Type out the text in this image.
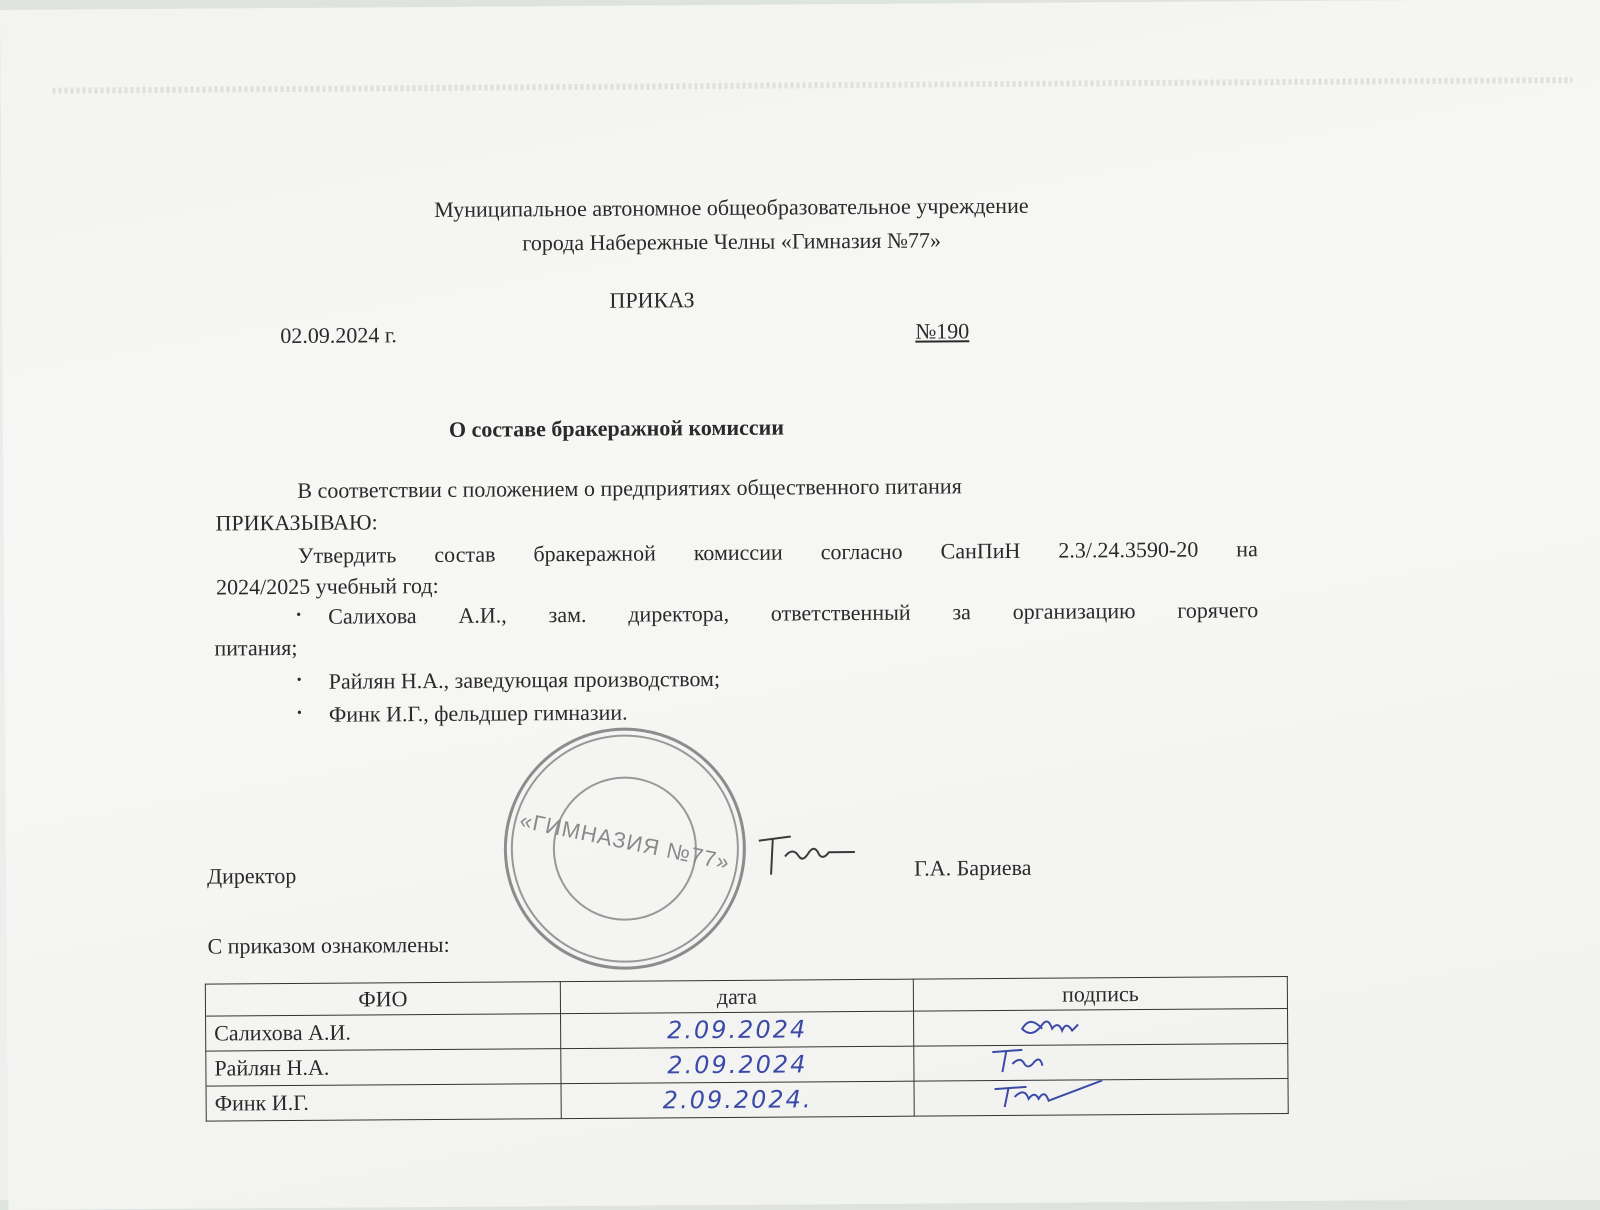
Муниципальное автономное общеобразовательное учреждение
города Набережные Челны «Гимназия №77»
ПРИКАЗ
02.09.2024 г.	№190
О составе бракеражной комиссии
В соответствии с положением о предприятиях общественного питания
ПРИКАЗЫВАЮ:
Утвердить состав бракеражной комиссии согласно СанПиН 2.3/.24.3590-20 на
2024/2025 учебный год:
• Салихова А.И., зам. директора, ответственный за организацию горячего
питания;
• Райлян Н.А., заведующая производством;
• Финк И.Г., фельдшер гимназии.
«ГИМНАЗИЯ №77»
Директор	Г.А. Бариева
С приказом ознакомлены:
ФИО	дата	подпись
Салихова А.И.	2.09.2024	
Райлян Н.А.	2.09.2024	
Финк И.Г.	2.09.2024.	
